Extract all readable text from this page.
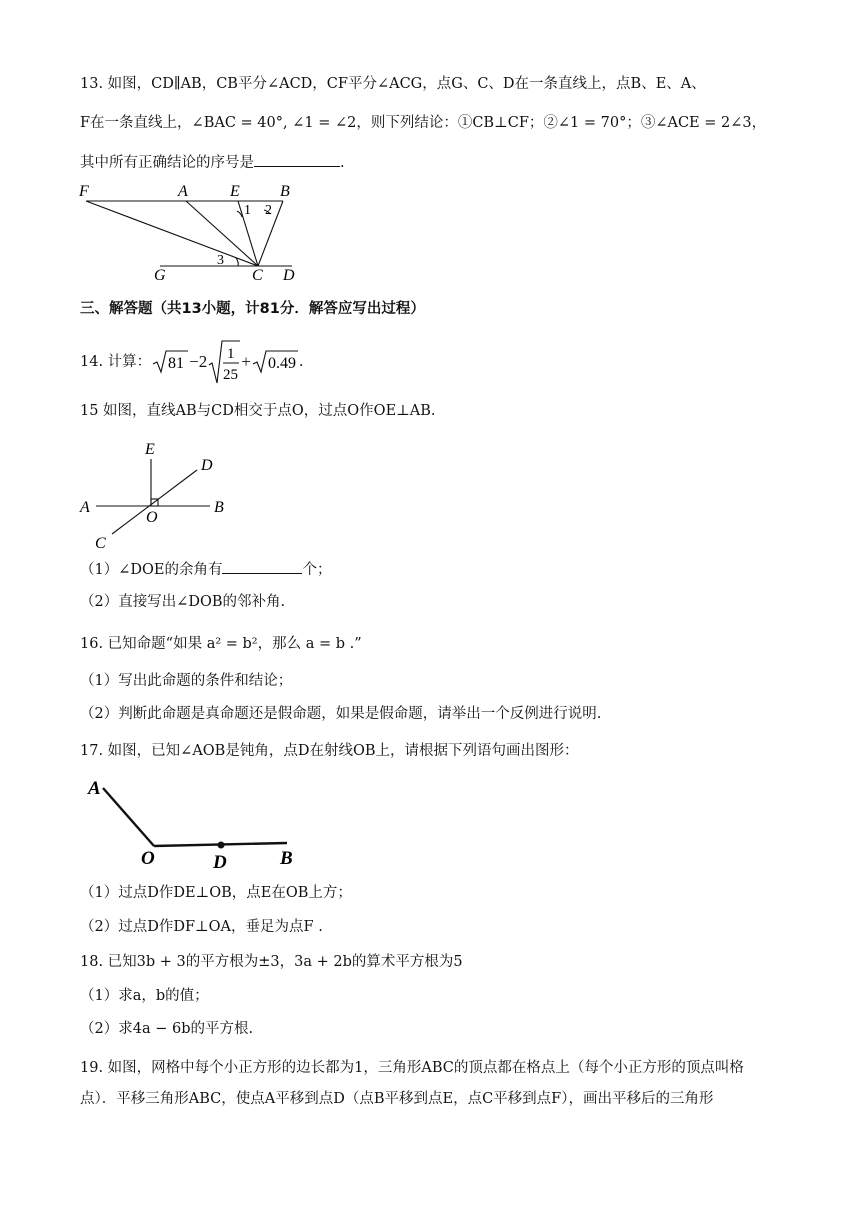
13. 如图，CD∥AB，CB平分∠ACD，CF平分∠ACG，点G、C、D在一条直线上，点B、E、A、
F在一条直线上，∠BAC = 40°, ∠1 = ∠2，则下列结论：①CB⊥CF；②∠1 = 70°；③∠ACE = 2∠3，
其中所有正确结论的序号是	.
F	A	E	B
1 2
3
G	C D
E
D
A
O
B
C
A
O	D	B
三、解答题（共13小题，计81分．解答应写出过程）
14. 计算： 81 −2 1
25
+ 0.49 .
15 如图，直线AB与CD相交于点O，过点O作OE⊥AB.
（1）∠DOE的余角有	个；
（2）直接写出∠DOB的邻补角.
16. 已知命题“如果 a² = b²，那么 a = b .”
（1）写出此命题的条件和结论；
（2）判断此命题是真命题还是假命题，如果是假命题，请举出一个反例进行说明.
17. 如图，已知∠AOB是钝角，点D在射线OB上，请根据下列语句画出图形：
（1）过点D作DE⊥OB，点E在OB上方；
（2）过点D作DF⊥OA，垂足为点F .
18. 已知3b + 3的平方根为±3，3a + 2b的算术平方根为5
（1）求a，b的值；
（2）求4a − 6b的平方根.
19. 如图，网格中每个小正方形的边长都为1，三角形ABC的顶点都在格点上（每个小正方形的顶点叫格
点）．平移三角形ABC，使点A平移到点D（点B平移到点E，点C平移到点F），画出平移后的三角形
